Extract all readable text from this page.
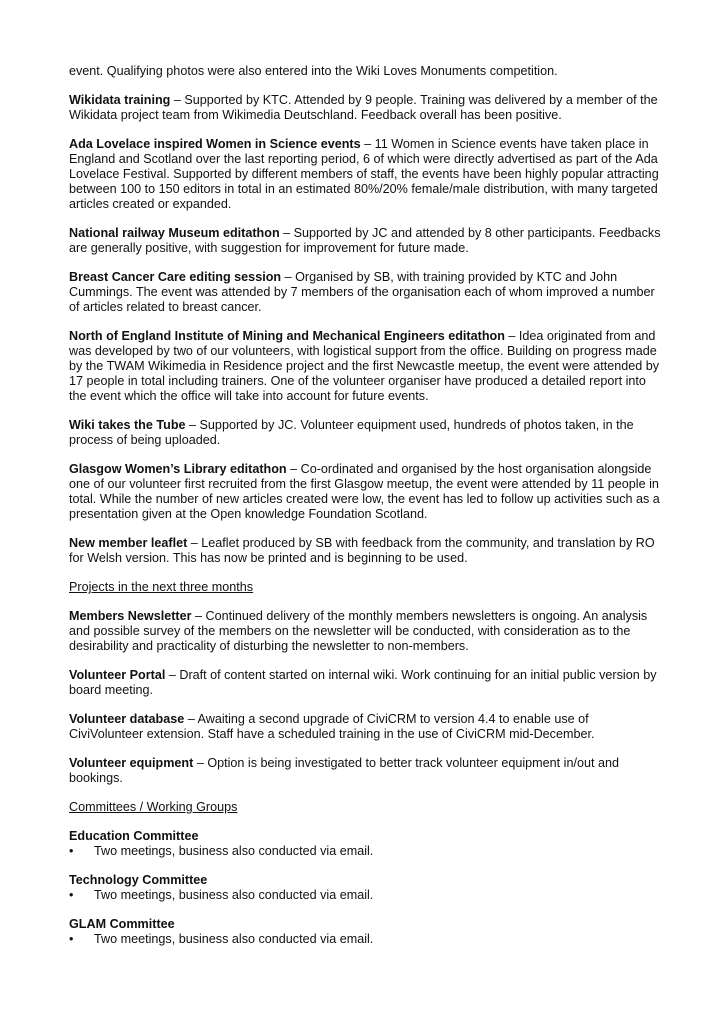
event. Qualifying photos were also entered into the Wiki Loves Monuments competition.

Wikidata training – Supported by KTC. Attended by 9 people. Training was delivered by a member of the Wikidata project team from Wikimedia Deutschland. Feedback overall has been positive.

Ada Lovelace inspired Women in Science events – 11 Women in Science events have taken place in England and Scotland over the last reporting period, 6 of which were directly advertised as part of the Ada Lovelace Festival. Supported by different members of staff, the events have been highly popular attracting between 100 to 150 editors in total in an estimated 80%/20% female/male distribution, with many targeted articles created or expanded.

National railway Museum editathon – Supported by JC and attended by 8 other participants. Feedbacks are generally positive, with suggestion for improvement for future made.

Breast Cancer Care editing session – Organised by SB, with training provided by KTC and John Cummings. The event was attended by 7 members of the organisation each of whom improved a number of articles related to breast cancer.

North of England Institute of Mining and Mechanical Engineers editathon – Idea originated from and was developed by two of our volunteers, with logistical support from the office. Building on progress made by the TWAM Wikimedia in Residence project and the first Newcastle meetup, the event were attended by 17 people in total including trainers. One of the volunteer organiser have produced a detailed report into the event which the office will take into account for future events.

Wiki takes the Tube – Supported by JC. Volunteer equipment used, hundreds of photos taken, in the process of being uploaded.

Glasgow Women’s Library editathon – Co-ordinated and organised by the host organisation alongside one of our volunteer first recruited from the first Glasgow meetup, the event were attended by 11 people in total. While the number of new articles created were low, the event has led to follow up activities such as a presentation given at the Open knowledge Foundation Scotland.

New member leaflet – Leaflet produced by SB with feedback from the community, and translation by RO for Welsh version. This has now be printed and is beginning to be used.

Projects in the next three months

Members Newsletter – Continued delivery of the monthly members newsletters is ongoing. An analysis and possible survey of the members on the newsletter will be conducted, with consideration as to the desirability and practicality of disturbing the newsletter to non-members.

Volunteer Portal – Draft of content started on internal wiki. Work continuing for an initial public version by board meeting.

Volunteer database – Awaiting a second upgrade of CiviCRM to version 4.4 to enable use of CiviVolunteer extension. Staff have a scheduled training in the use of CiviCRM mid-December.

Volunteer equipment – Option is being investigated to better track volunteer equipment in/out and bookings.

Committees / Working Groups

Education Committee
•	Two meetings, business also conducted via email.
Technology Committee
•	Two meetings, business also conducted via email.
GLAM Committee
•	Two meetings, business also conducted via email.
